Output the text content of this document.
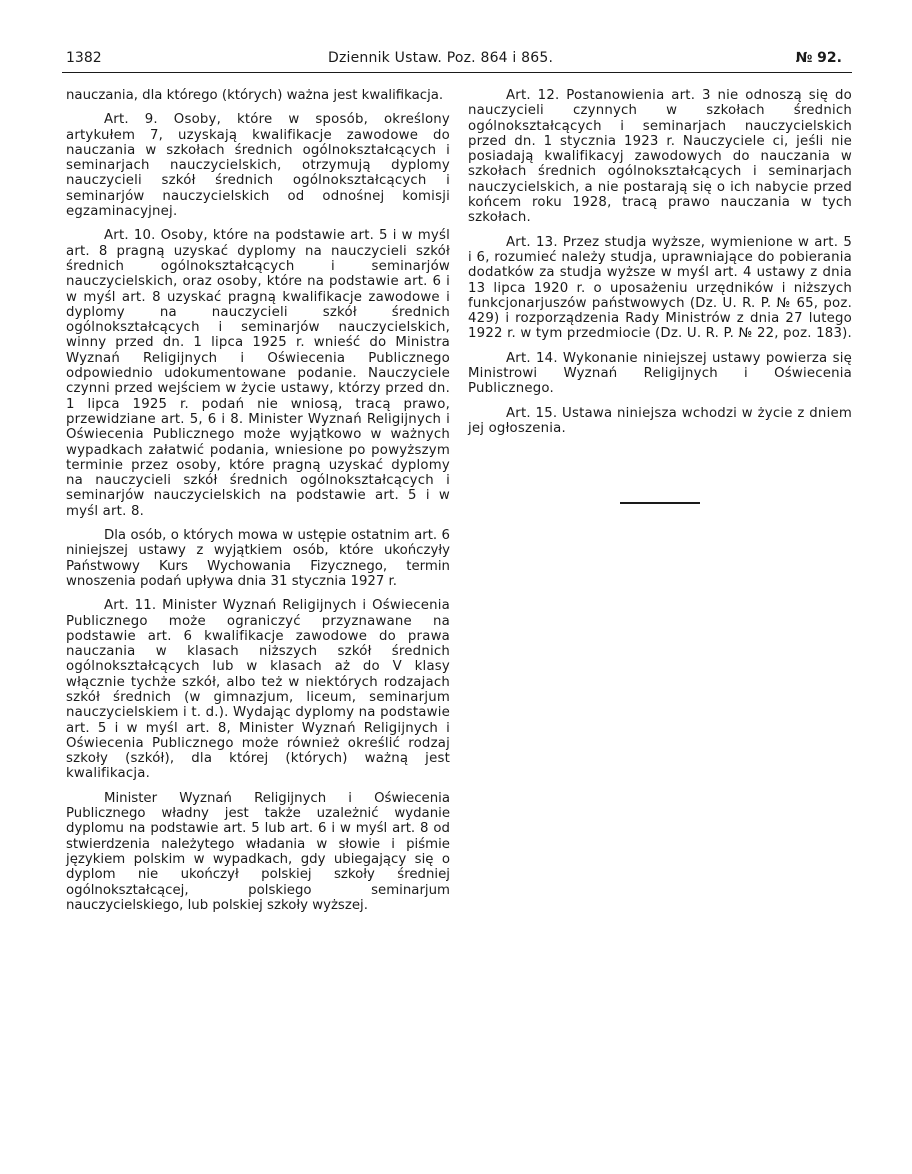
1382	Dziennik Ustaw. Poz. 864 i 865.	№ 92.

nauczania, dla którego (których) ważna jest kwalifikacja.

Art. 9. Osoby, które w sposób, określony artykułem 7, uzyskają kwalifikacje zawodowe do nauczania w szkołach średnich ogólnokształcących i seminarjach nauczycielskich, otrzymują dyplomy nauczycieli szkół średnich ogólnokształcących i seminarjów nauczycielskich od odnośnej komisji egzaminacyjnej.

Art. 10. Osoby, które na podstawie art. 5 i w myśl art. 8 pragną uzyskać dyplomy na nauczycieli szkół średnich ogólnokształcących i seminarjów nauczycielskich, oraz osoby, które na podstawie art. 6 i w myśl art. 8 uzyskać pragną kwalifikacje zawodowe i dyplomy na nauczycieli szkół średnich ogólnokształcących i seminarjów nauczycielskich, winny przed dn. 1 lipca 1925 r. wnieść do Ministra Wyznań Religijnych i Oświecenia Publicznego odpowiednio udokumentowane podanie. Nauczyciele czynni przed wejściem w życie ustawy, którzy przed dn. 1 lipca 1925 r. podań nie wniosą, tracą prawo, przewidziane art. 5, 6 i 8. Minister Wyznań Religijnych i Oświecenia Publicznego może wyjątkowo w ważnych wypadkach załatwić podania, wniesione po powyższym terminie przez osoby, które pragną uzyskać dyplomy na nauczycieli szkół średnich ogólnokształcących i seminarjów nauczycielskich na podstawie art. 5 i w myśl art. 8.

Dla osób, o których mowa w ustępie ostatnim art. 6 niniejszej ustawy z wyjątkiem osób, które ukończyły Państwowy Kurs Wychowania Fizycznego, termin wnoszenia podań upływa dnia 31 stycznia 1927 r.

Art. 11. Minister Wyznań Religijnych i Oświecenia Publicznego może ograniczyć przyznawane na podstawie art. 6 kwalifikacje zawodowe do prawa nauczania w klasach niższych szkół średnich ogólnokształcących lub w klasach aż do V klasy włącznie tychże szkół, albo też w niektórych rodzajach szkół średnich (w gimnazjum, liceum, seminarjum nauczycielskiem i t. d.). Wydając dyplomy na podstawie art. 5 i w myśl art. 8, Minister Wyznań Religijnych i Oświecenia Publicznego może również określić rodzaj szkoły (szkół), dla której (których) ważną jest kwalifikacja.

Minister Wyznań Religijnych i Oświecenia Publicznego władny jest także uzależnić wydanie dyplomu na podstawie art. 5 lub art. 6 i w myśl art. 8 od stwierdzenia należytego władania w słowie i piśmie językiem polskim w wypadkach, gdy ubiegający się o dyplom nie ukończył polskiej szkoły średniej ogólnokształcącej, polskiego seminarjum nauczycielskiego, lub polskiej szkoły wyższej.

Art. 12. Postanowienia art. 3 nie odnoszą się do nauczycieli czynnych w szkołach średnich ogólnokształcących i seminarjach nauczycielskich przed dn. 1 stycznia 1923 r. Nauczyciele ci, jeśli nie posiadają kwalifikacyj zawodowych do nauczania w szkołach średnich ogólnokształcących i seminarjach nauczycielskich, a nie postarają się o ich nabycie przed końcem roku 1928, tracą prawo nauczania w tych szkołach.

Art. 13. Przez studja wyższe, wymienione w art. 5 i 6, rozumieć należy studja, uprawniające do pobierania dodatków za studja wyższe w myśl art. 4 ustawy z dnia 13 lipca 1920 r. o uposażeniu urzędników i niższych funkcjonarjuszów państwowych (Dz. U. R. P. № 65, poz. 429) i rozporządzenia Rady Ministrów z dnia 27 lutego 1922 r. w tym przedmiocie (Dz. U. R. P. № 22, poz. 183).

Art. 14. Wykonanie niniejszej ustawy powierza się Ministrowi Wyznań Religijnych i Oświecenia Publicznego.

Art. 15. Ustawa niniejsza wchodzi w życie z dniem jej ogłoszenia.
